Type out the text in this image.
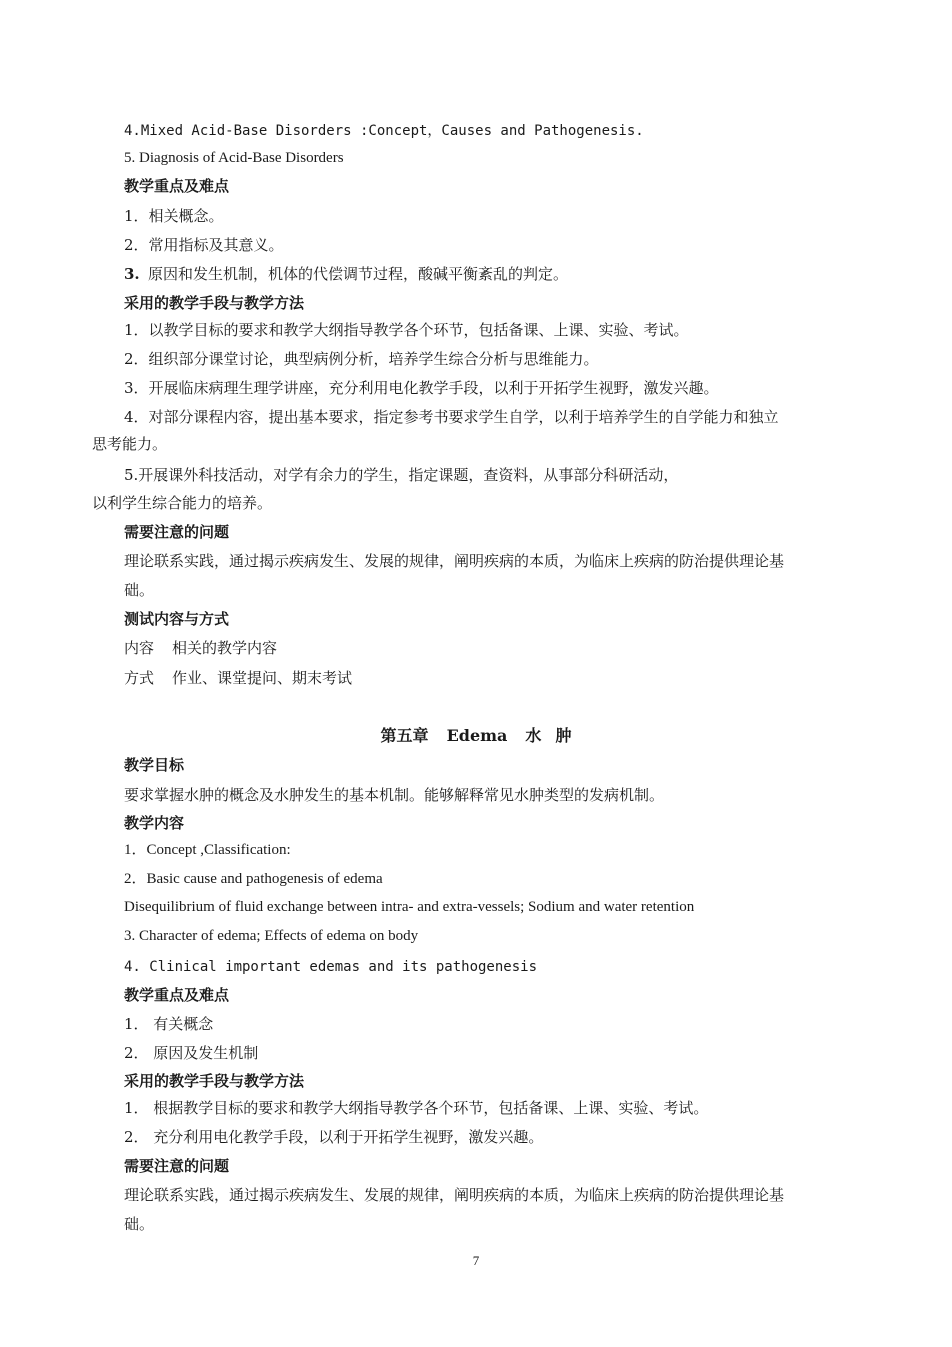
4.Mixed Acid-Base Disorders :Concept，Causes and Pathogenesis.
5. Diagnosis of Acid-Base Disorders
教学重点及难点
1．相关概念。
2．常用指标及其意义。
3. 原因和发生机制，机体的代偿调节过程，酸碱平衡紊乱的判定。
采用的教学手段与教学方法
1．以教学目标的要求和教学大纲指导教学各个环节，包括备课、上课、实验、考试。
2．组织部分课堂讨论，典型病例分析，培养学生综合分析与思维能力。
3．开展临床病理生理学讲座，充分利用电化教学手段，以利于开拓学生视野，激发兴趣。
4．对部分课程内容，提出基本要求，指定参考书要求学生自学，以利于培养学生的自学能力和独立
思考能力。
5.开展课外科技活动，对学有余力的学生，指定课题，查资料，从事部分科研活动，
以利学生综合能力的培养。
需要注意的问题
理论联系实践，通过揭示疾病发生、发展的规律，阐明疾病的本质，为临床上疾病的防治提供理论基
础。
测试内容与方式
内容 相关的教学内容
方式 作业、课堂提问、期末考试
第五章 Edema 水 肿
教学目标
要求掌握水肿的概念及水肿发生的基本机制。能够解释常见水肿类型的发病机制。
教学内容
1．Concept ,Classification:
2．Basic cause and pathogenesis of edema
Disequilibrium of fluid exchange between intra- and extra-vessels; Sodium and water retention
3. Character of edema; Effects of edema on body
4. Clinical important edemas and its pathogenesis
教学重点及难点
1． 有关概念
2． 原因及发生机制
采用的教学手段与教学方法
1． 根据教学目标的要求和教学大纲指导教学各个环节，包括备课、上课、实验、考试。
2． 充分利用电化教学手段，以利于开拓学生视野，激发兴趣。
需要注意的问题
理论联系实践，通过揭示疾病发生、发展的规律，阐明疾病的本质，为临床上疾病的防治提供理论基
础。
7
